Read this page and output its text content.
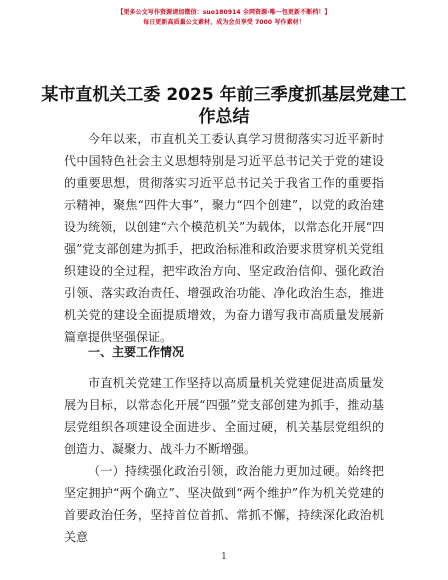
【更多公文写作资源请加微信：suo180914 全网资源·唯一包更新不断档！】
每日更新高质量公文素材，成为会员享受 7000 写作素材！
某市直机关工委 2025 年前三季度抓基层党建工作总结

今年以来，市直机关工委认真学习贯彻落实习近平新时代中国特色社会主义思想特别是习近平总书记关于党的建设的重要思想，贯彻落实习近平总书记关于我省工作的重要指示精神，聚焦“四件大事”，聚力“四个创建”，以党的政治建设为统领，以创建“六个模范机关”为载体，以常态化开展“四强”党支部创建为抓手，把政治标准和政治要求贯穿机关党组织建设的全过程，把牢政治方向、坚定政治信仰、强化政治引领、落实政治责任、增强政治功能、净化政治生态，推进机关党的建设全面提质增效，为奋力谱写我市高质量发展新篇章提供坚强保证。

一、主要工作情况

市直机关党建工作坚持以高质量机关党建促进高质量发展为目标，以常态化开展“四强”党支部创建为抓手，推动基层党组织各项建设全面进步、全面过硬，机关基层党组织的创造力、凝聚力、战斗力不断增强。

（一）持续强化政治引领，政治能力更加过硬。始终把坚定拥护“两个确立”、坚决做到“两个维护”作为机关党建的首要政治任务，坚持首位首抓、常抓不懈，持续深化政治机关意

1
